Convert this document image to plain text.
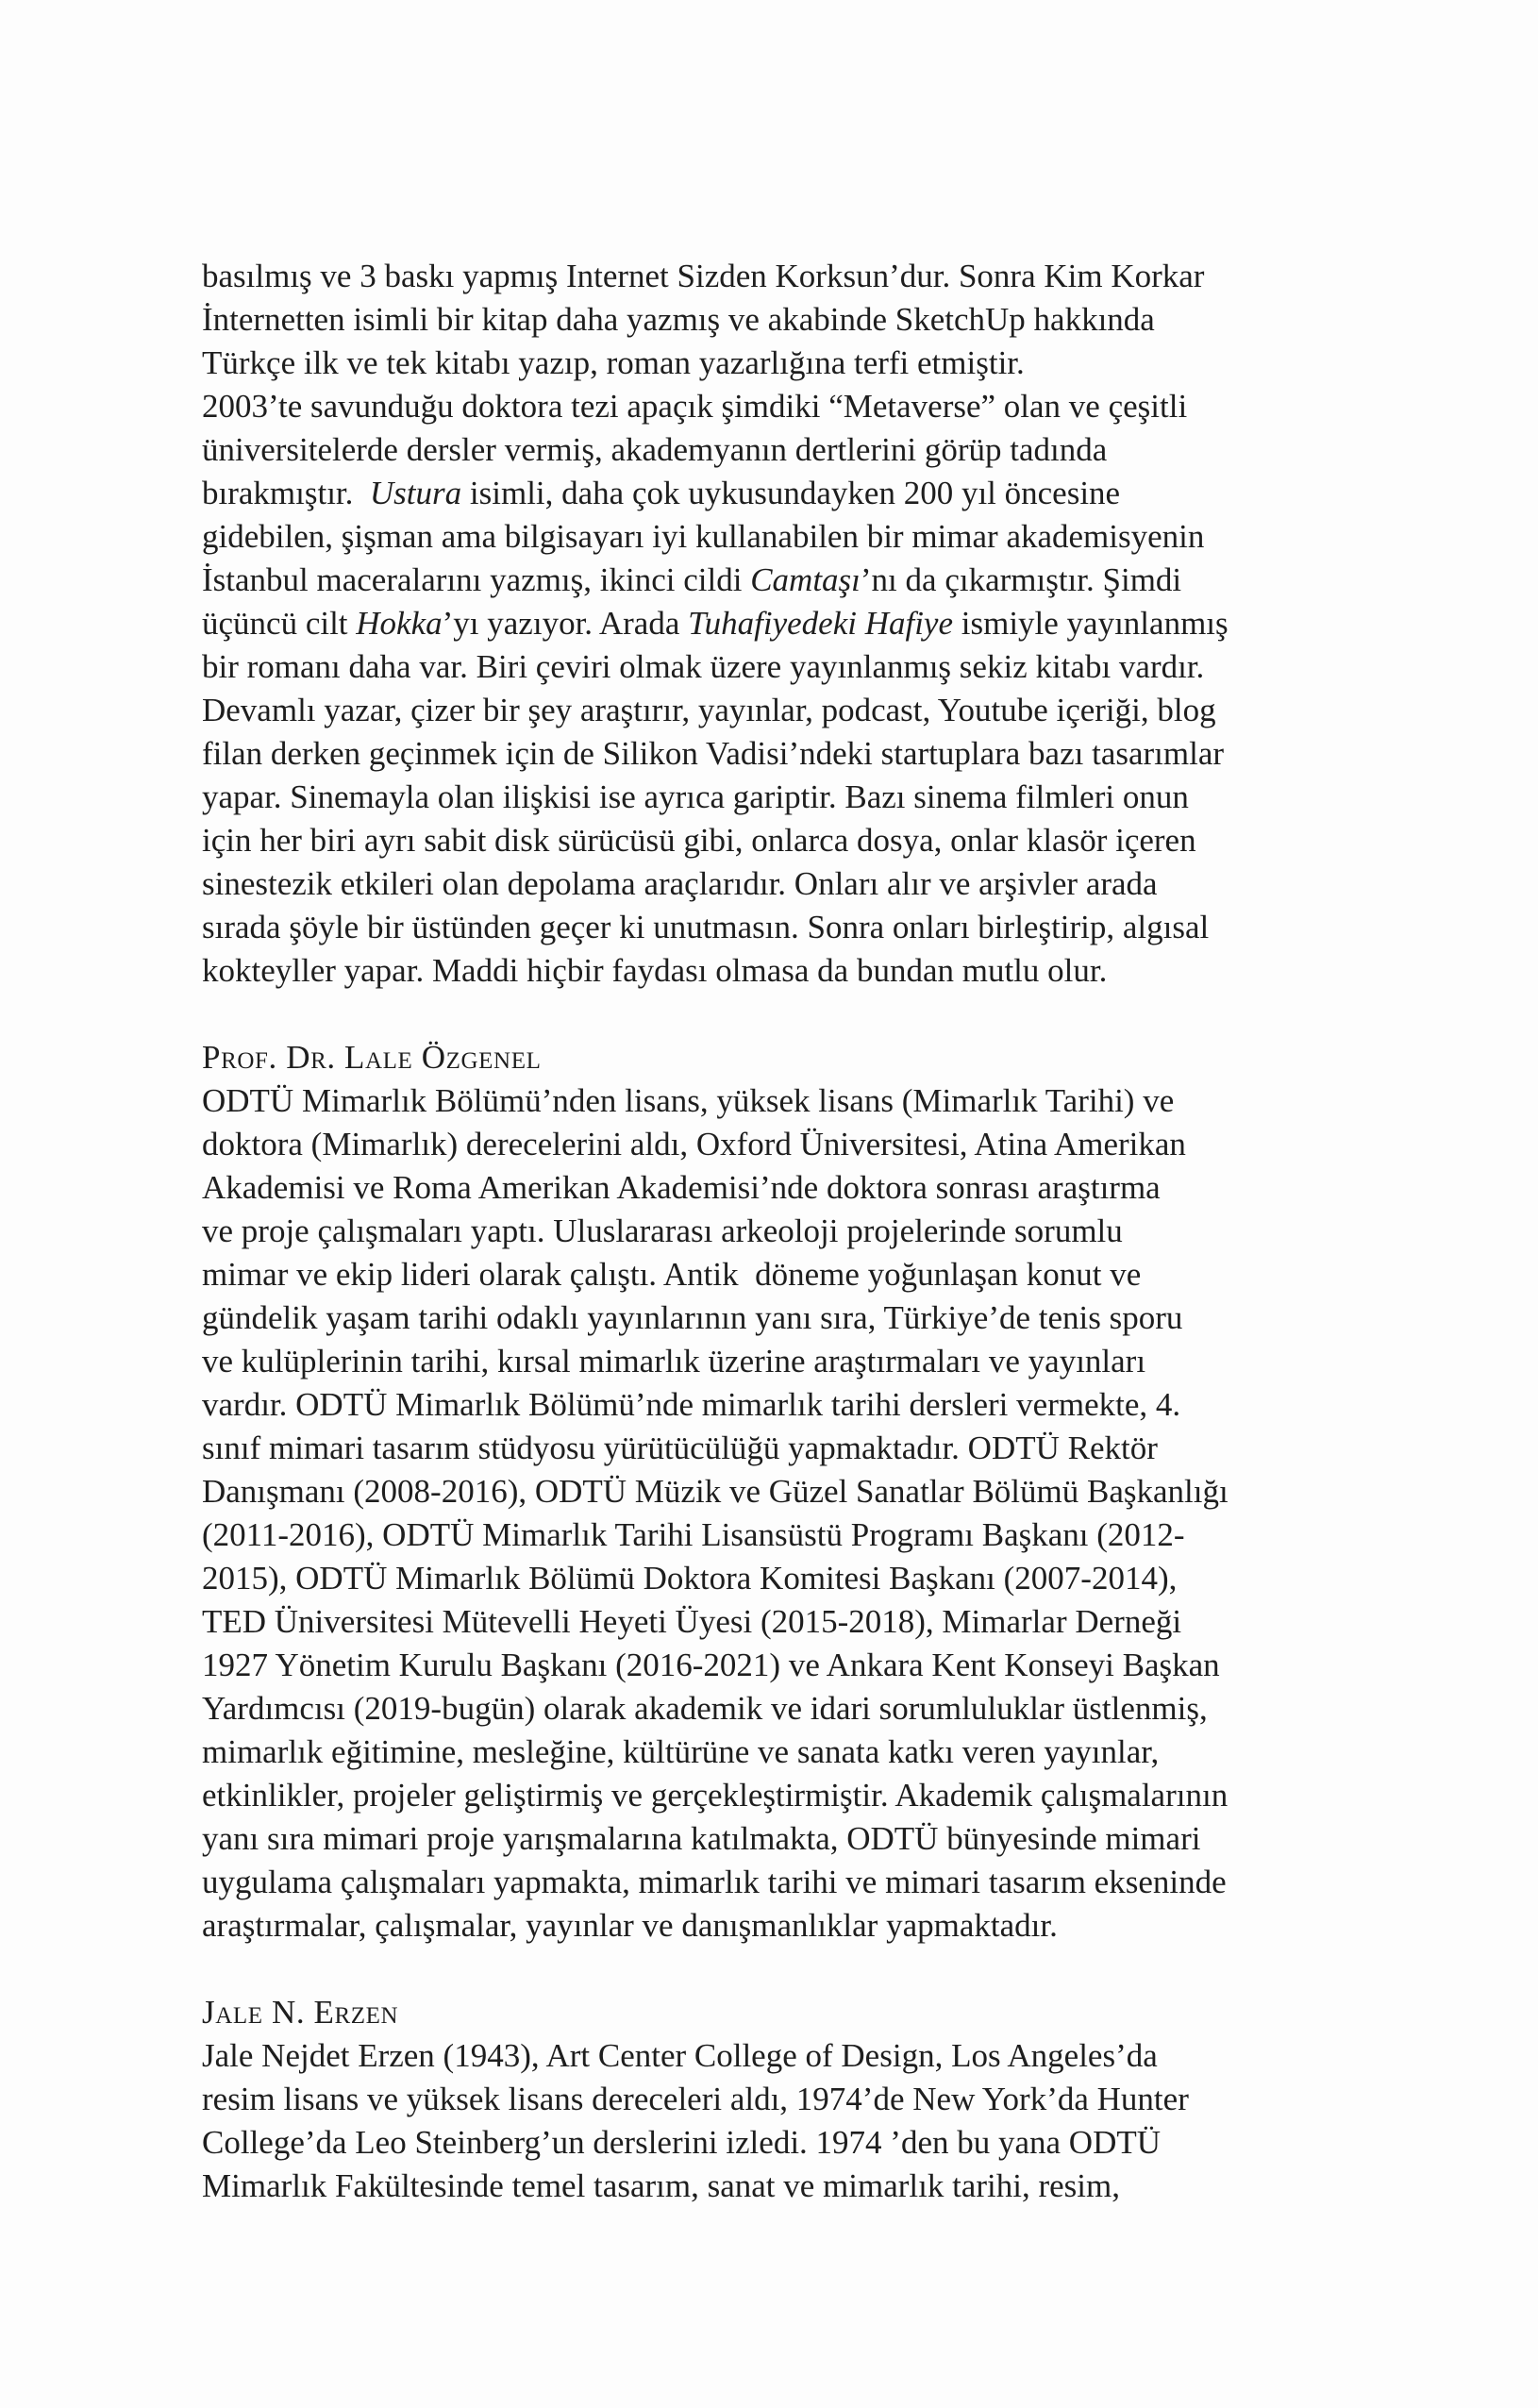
basılmış ve 3 baskı yapmış Internet Sizden Korksun’dur. Sonra Kim Korkar
İnternetten isimli bir kitap daha yazmış ve akabinde SketchUp hakkında
Türkçe ilk ve tek kitabı yazıp, roman yazarlığına terfi etmiştir.

2003’te savunduğu doktora tezi apaçık şimdiki “Metaverse” olan ve çeşitli
üniversitelerde dersler vermiş, akademyanın dertlerini görüp tadında
bırakmıştır.  Ustura isimli, daha çok uykusundayken 200 yıl öncesine
gidebilen, şişman ama bilgisayarı iyi kullanabilen bir mimar akademisyenin
İstanbul maceralarını yazmış, ikinci cildi Camtaşı’nı da çıkarmıştır. Şimdi
üçüncü cilt Hokka’yı yazıyor. Arada Tuhafiyedeki Hafiye ismiyle yayınlanmış
bir romanı daha var. Biri çeviri olmak üzere yayınlanmış sekiz kitabı vardır.
Devamlı yazar, çizer bir şey araştırır, yayınlar, podcast, Youtube içeriği, blog
filan derken geçinmek için de Silikon Vadisi’ndeki startuplara bazı tasarımlar
yapar. Sinemayla olan ilişkisi ise ayrıca gariptir. Bazı sinema filmleri onun
için her biri ayrı sabit disk sürücüsü gibi, onlarca dosya, onlar klasör içeren
sinestezik etkileri olan depolama araçlarıdır. Onları alır ve arşivler arada
sırada şöyle bir üstünden geçer ki unutmasın. Sonra onları birleştirip, algısal
kokteyller yapar. Maddi hiçbir faydası olmasa da bundan mutlu olur.

Prof. Dr. Lale Özgenel

ODTÜ Mimarlık Bölümü’nden lisans, yüksek lisans (Mimarlık Tarihi) ve
doktora (Mimarlık) derecelerini aldı, Oxford Üniversitesi, Atina Amerikan
Akademisi ve Roma Amerikan Akademisi’nde doktora sonrası araştırma
ve proje çalışmaları yaptı. Uluslararası arkeoloji projelerinde sorumlu
mimar ve ekip lideri olarak çalıştı. Antik  döneme yoğunlaşan konut ve
gündelik yaşam tarihi odaklı yayınlarının yanı sıra, Türkiye’de tenis sporu
ve kulüplerinin tarihi, kırsal mimarlık üzerine araştırmaları ve yayınları
vardır. ODTÜ Mimarlık Bölümü’nde mimarlık tarihi dersleri vermekte, 4.
sınıf mimari tasarım stüdyosu yürütücülüğü yapmaktadır. ODTÜ Rektör
Danışmanı (2008-2016), ODTÜ Müzik ve Güzel Sanatlar Bölümü Başkanlığı
(2011-2016), ODTÜ Mimarlık Tarihi Lisansüstü Programı Başkanı (2012-
2015), ODTÜ Mimarlık Bölümü Doktora Komitesi Başkanı (2007-2014),
TED Üniversitesi Mütevelli Heyeti Üyesi (2015-2018), Mimarlar Derneği
1927 Yönetim Kurulu Başkanı (2016-2021) ve Ankara Kent Konseyi Başkan
Yardımcısı (2019-bugün) olarak akademik ve idari sorumluluklar üstlenmiş,
mimarlık eğitimine, mesleğine, kültürüne ve sanata katkı veren yayınlar,
etkinlikler, projeler geliştirmiş ve gerçekleştirmiştir. Akademik çalışmalarının
yanı sıra mimari proje yarışmalarına katılmakta, ODTÜ bünyesinde mimari
uygulama çalışmaları yapmakta, mimarlık tarihi ve mimari tasarım ekseninde
araştırmalar, çalışmalar, yayınlar ve danışmanlıklar yapmaktadır.

Jale N. Erzen

Jale Nejdet Erzen (1943), Art Center College of Design, Los Angeles’da
resim lisans ve yüksek lisans dereceleri aldı, 1974’de New York’da Hunter
College’da Leo Steinberg’un derslerini izledi. 1974 ’den bu yana ODTÜ
Mimarlık Fakültesinde temel tasarım, sanat ve mimarlık tarihi, resim,
